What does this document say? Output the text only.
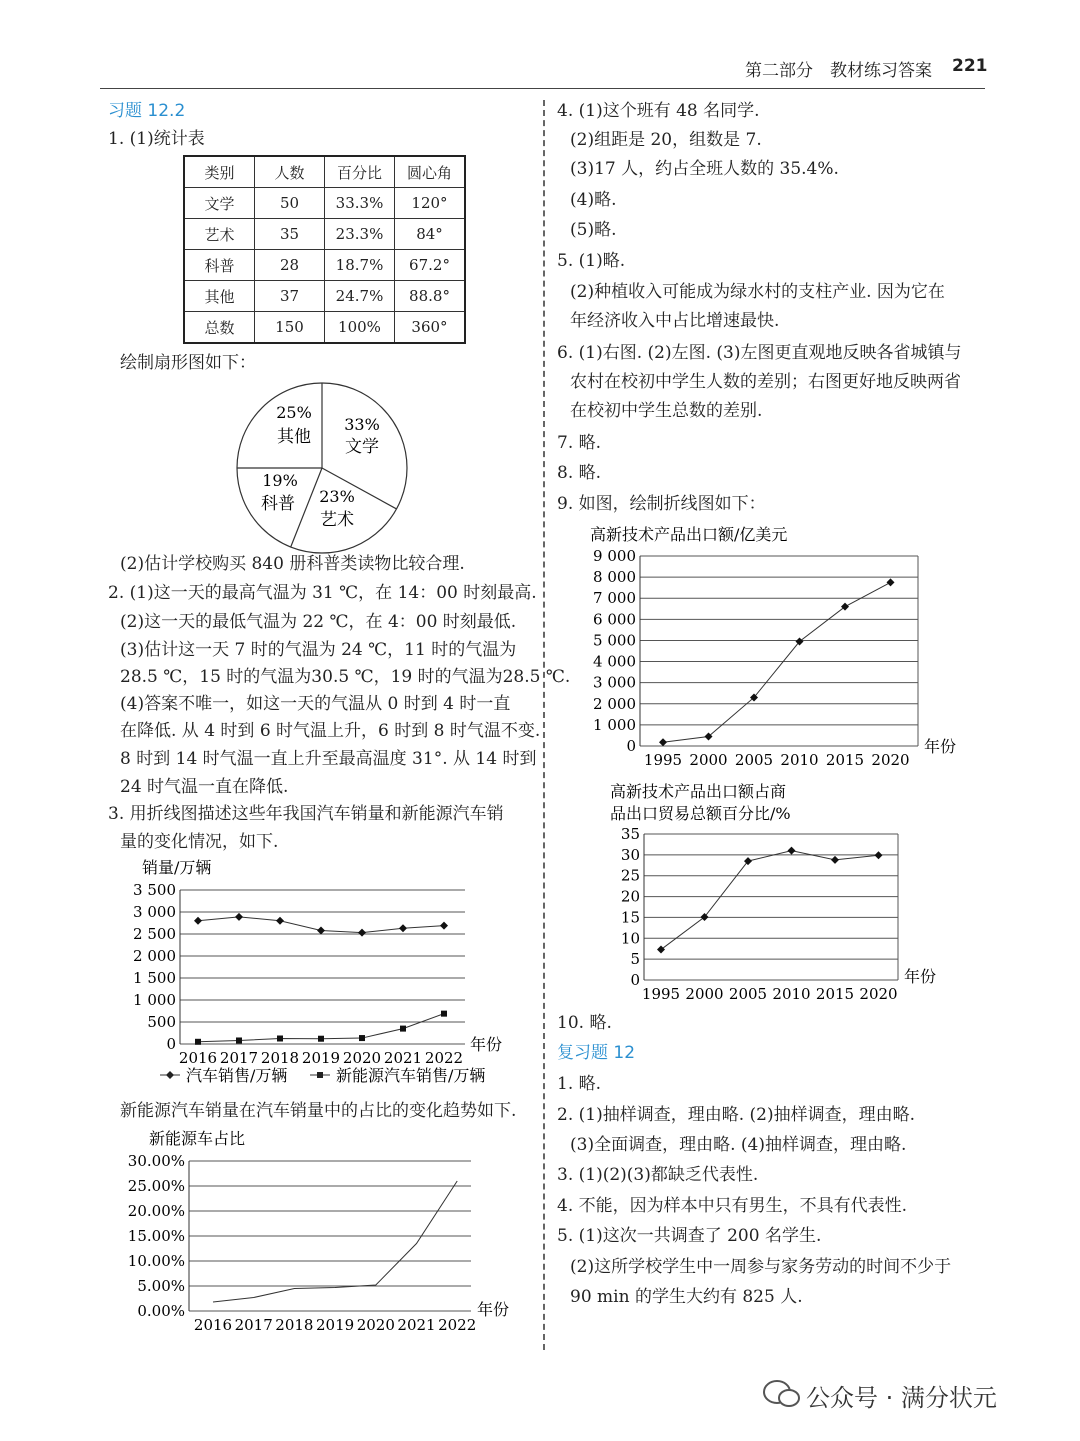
第二部分　教材练习答案 221
习题 12.2
1. (1)统计表
类别	人数	百分比	圆心角
文学	50	33.3%	120°
艺术	35	23.3%	84°
科普	28	18.7%	67.2°
其他	37	24.7%	88.8°
总数	150	100%	360°
绘制扇形图如下：
25%
其他
33%
文学
19%
科普 23%
艺术
(2)估计学校购买 840 册科普类读物比较合理.
2. (1)这一天的最高气温为 31 ℃，在 14：00 时刻最高.
(2)这一天的最低气温为 22 ℃，在 4：00 时刻最低.
(3)估计这一天 7 时的气温为 24 ℃，11 时的气温为
28.5 ℃，15 时的气温为30.5 ℃，19 时的气温为28.5 ℃.
(4)答案不唯一，如这一天的气温从 0 时到 4 时一直
在降低. 从 4 时到 6 时气温上升，6 时到 8 时气温不变.
8 时到 14 时气温一直上升至最高温度 31°. 从 14 时到
24 时气温一直在降低.
3. 用折线图描述这些年我国汽车销量和新能源汽车销
量的变化情况，如下.
销量/万辆
0
500
1 000
1 500
2 000
2 500
3 000
3 500
2016 2017 2018 2019 2020 2021 2022
年份
汽车销售/万辆	新能源汽车销售/万辆
新能源汽车销量在汽车销量中的占比的变化趋势如下.
新能源车占比
0.00%
5.00%
10.00%
15.00%
20.00%
25.00%
30.00%
2016 2017 2018 2019 2020 2021 2022
年份
4. (1)这个班有 48 名同学.
(2)组距是 20，组数是 7.
(3)17 人，约占全班人数的 35.4%.
(4)略.
(5)略.
5. (1)略.
(2)种植收入可能成为绿水村的支柱产业. 因为它在
年经济收入中占比增速最快.
6. (1)右图. (2)左图. (3)左图更直观地反映各省城镇与
农村在校初中学生人数的差别；右图更好地反映两省
在校初中学生总数的差别.
7. 略.
8. 略.
9. 如图，绘制折线图如下：
高新技术产品出口额/亿美元
0
1 000
2 000
3 000
4 000
5 000
6 000
7 000
8 000
9 000
1995 2000 2005 2010 2015 2020
年份
高新技术产品出口额占商
品出口贸易总额百分比/%
0
5
10
15
20
25
30
35
1995 2000 2005 2010 2015 2020
年份
10. 略.
复习题 12
1. 略.
2. (1)抽样调查，理由略. (2)抽样调查，理由略.
(3)全面调查，理由略. (4)抽样调查，理由略.
3. (1)(2)(3)都缺乏代表性.
4. 不能，因为样本中只有男生，不具有代表性.
5. (1)这次一共调查了 200 名学生.
(2)这所学校学生中一周参与家务劳动的时间不少于
90 min 的学生大约有 825 人.
公众号 · 满分状元
